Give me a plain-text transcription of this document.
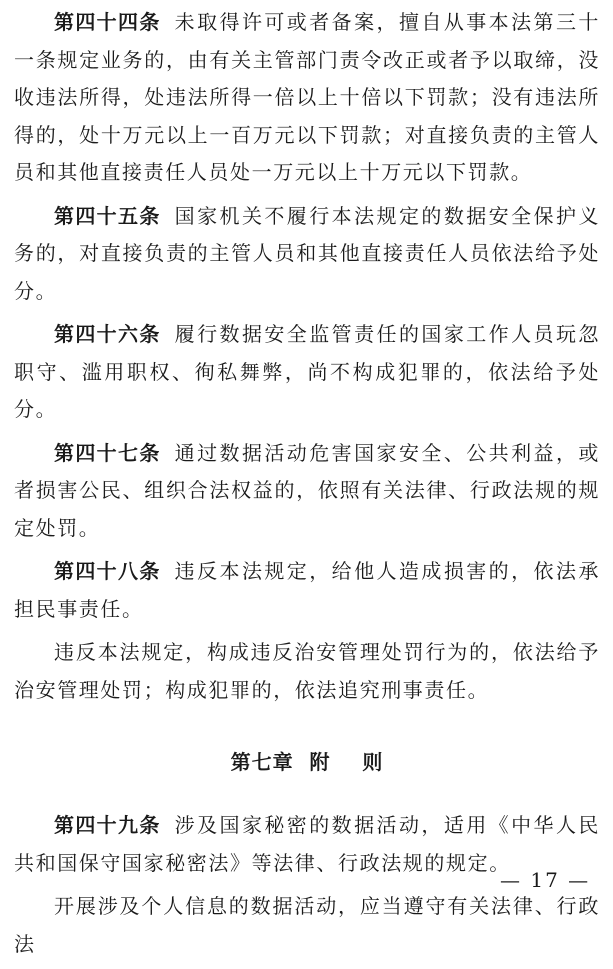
第四十四条 未取得许可或者备案，擅自从事本法第三十一条规定业务的，由有关主管部门责令改正或者予以取缔，没收违法所得，处违法所得一倍以上十倍以下罚款；没有违法所得的，处十万元以上一百万元以下罚款；对直接负责的主管人员和其他直接责任人员处一万元以上十万元以下罚款。

第四十五条 国家机关不履行本法规定的数据安全保护义务的，对直接负责的主管人员和其他直接责任人员依法给予处分。

第四十六条 履行数据安全监管责任的国家工作人员玩忽职守、滥用职权、徇私舞弊，尚不构成犯罪的，依法给予处分。

第四十七条 通过数据活动危害国家安全、公共利益，或者损害公民、组织合法权益的，依照有关法律、行政法规的规定处罚。

第四十八条 违反本法规定，给他人造成损害的，依法承担民事责任。

违反本法规定，构成违反治安管理处罚行为的，依法给予治安管理处罚；构成犯罪的，依法追究刑事责任。

第七章 附 则

第四十九条 涉及国家秘密的数据活动，适用《中华人民共和国保守国家秘密法》等法律、行政法规的规定。

开展涉及个人信息的数据活动，应当遵守有关法律、行政法

— 17 —
